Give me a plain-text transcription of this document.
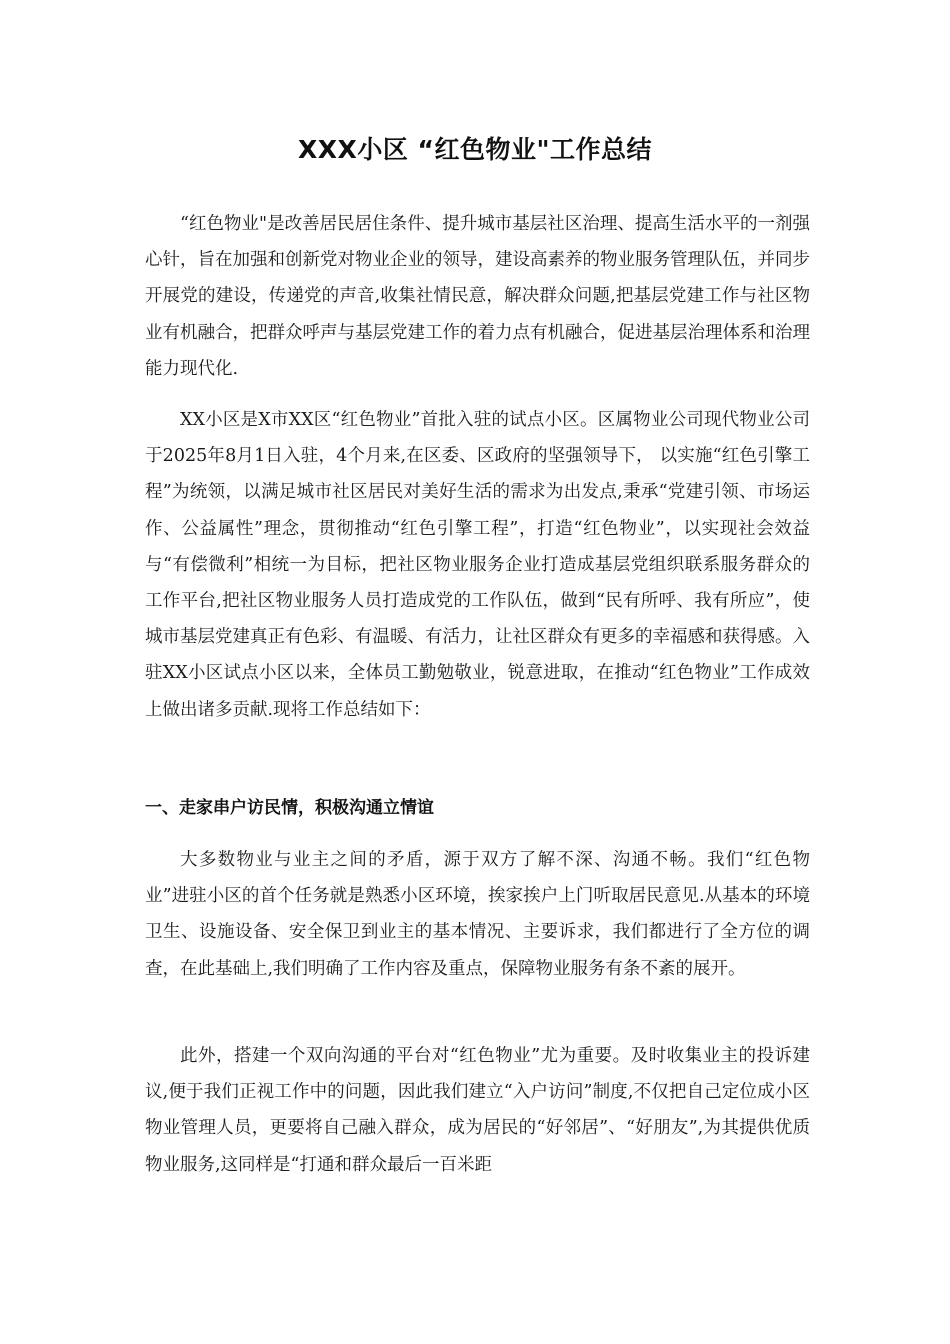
XXX小区 “红色物业"工作总结

“红色物业"是改善居民居住条件、提升城市基层社区治理、提高生活水平的一剂强心针，旨在加强和创新党对物业企业的领导，建设高素养的物业服务管理队伍，并同步开展党的建设，传递党的声音,收集社情民意，解决群众问题,把基层党建工作与社区物业有机融合，把群众呼声与基层党建工作的着力点有机融合，促进基层治理体系和治理能力现代化.

XX小区是X市XX区“红色物业”首批入驻的试点小区。区属物业公司现代物业公司于2025年8月1日入驻，4个月来,在区委、区政府的坚强领导下， 以实施“红色引擎工程”为统领，以满足城市社区居民对美好生活的需求为出发点,秉承“党建引领、市场运作、公益属性”理念，贯彻推动“红色引擎工程”，打造“红色物业”，以实现社会效益与“有偿微利”相统一为目标，把社区物业服务企业打造成基层党组织联系服务群众的工作平台,把社区物业服务人员打造成党的工作队伍，做到“民有所呼、我有所应”，使城市基层党建真正有色彩、有温暖、有活力，让社区群众有更多的幸福感和获得感。入驻XX小区试点小区以来，全体员工勤勉敬业，锐意进取，在推动“红色物业”工作成效上做出诸多贡献.现将工作总结如下：

一、走家串户访民情，积极沟通立情谊

大多数物业与业主之间的矛盾，源于双方了解不深、沟通不畅。我们“红色物业”进驻小区的首个任务就是熟悉小区环境，挨家挨户上门听取居民意见.从基本的环境卫生、设施设备、安全保卫到业主的基本情况、主要诉求，我们都进行了全方位的调查，在此基础上,我们明确了工作内容及重点，保障物业服务有条不紊的展开。

此外，搭建一个双向沟通的平台对“红色物业”尤为重要。及时收集业主的投诉建议,便于我们正视工作中的问题，因此我们建立“入户访问”制度,不仅把自己定位成小区物业管理人员，更要将自己融入群众，成为居民的“好邻居”、“好朋友”,为其提供优质物业服务,这同样是“打通和群众最后一百米距
